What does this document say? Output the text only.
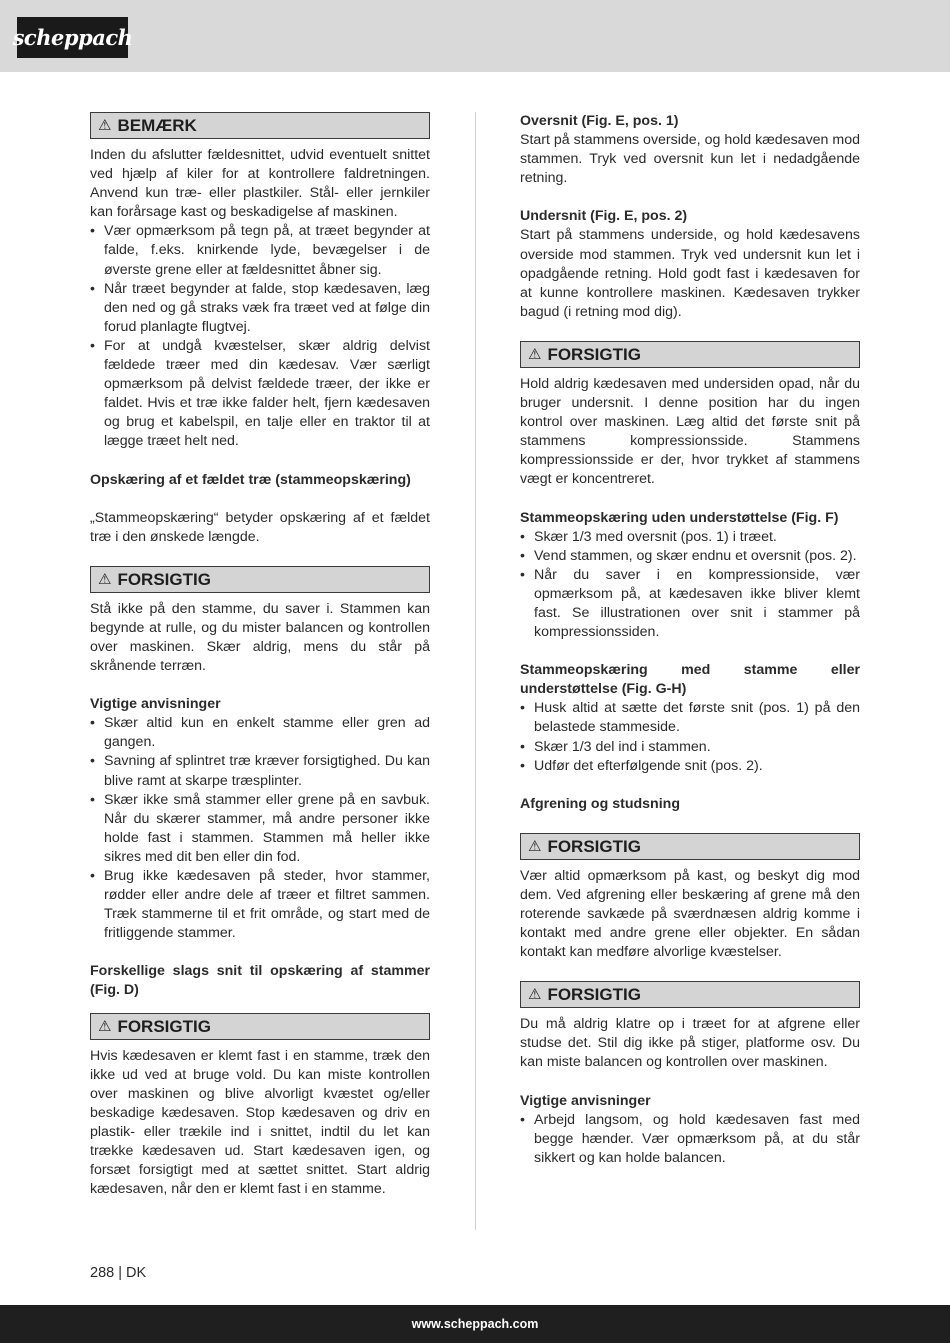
scheppach
⚠ BEMÆRK

Inden du afslutter fældesnittet, udvid eventuelt snittet ved hjælp af kiler for at kontrollere faldretningen. Anvend kun træ- eller plastkiler. Stål- eller jernkiler kan forårsage kast og beskadigelse af maskinen.

• Vær opmærksom på tegn på, at træet begynder at falde, f.eks. knirkende lyde, bevægelser i de øverste grene eller at fældesnittet åbner sig.
• Når træet begynder at falde, stop kædesaven, læg den ned og gå straks væk fra træet ved at følge din forud planlagte flugtvej.
• For at undgå kvæstelser, skær aldrig delvist fældede træer med din kædesav. Vær særligt opmærksom på delvist fældede træer, der ikke er faldet. Hvis et træ ikke falder helt, fjern kædesaven og brug et kabelspil, en talje eller en traktor til at lægge træet helt ned.

Opskæring af et fældet træ (stammeopskæring)

„Stammeopskæring“ betyder opskæring af et fældet træ i den ønskede længde.

⚠ FORSIGTIG

Stå ikke på den stamme, du saver i. Stammen kan begynde at rulle, og du mister balancen og kontrollen over maskinen. Skær aldrig, mens du står på skrånende terræn.

Vigtige anvisninger

• Skær altid kun en enkelt stamme eller gren ad gangen.
• Savning af splintret træ kræver forsigtighed. Du kan blive ramt at skarpe træsplinter.
• Skær ikke små stammer eller grene på en savbuk. Når du skærer stammer, må andre personer ikke holde fast i stammen. Stammen må heller ikke sikres med dit ben eller din fod.
• Brug ikke kædesaven på steder, hvor stammer, rødder eller andre dele af træer et filtret sammen. Træk stammerne til et frit område, og start med de fritliggende stammer.

Forskellige slags snit til opskæring af stammer (Fig. D)

⚠ FORSIGTIG

Hvis kædesaven er klemt fast i en stamme, træk den ikke ud ved at bruge vold. Du kan miste kontrollen over maskinen og blive alvorligt kvæstet og/eller beskadige kædesaven. Stop kædesaven og driv en plastik- eller trækile ind i snittet, indtil du let kan trække kædesaven ud. Start kædesaven igen, og forsæt forsigtigt med at sættet snittet. Start aldrig kædesaven, når den er klemt fast i en stamme.

Oversnit (Fig. E, pos. 1)

Start på stammens overside, og hold kædesaven mod stammen. Tryk ved oversnit kun let i nedadgående retning.

Undersnit (Fig. E, pos. 2)

Start på stammens underside, og hold kædesavens overside mod stammen. Tryk ved undersnit kun let i opadgående retning. Hold godt fast i kædesaven for at kunne kontrollere maskinen. Kædesaven trykker bagud (i retning mod dig).

⚠ FORSIGTIG

Hold aldrig kædesaven med undersiden opad, når du bruger undersnit. I denne position har du ingen kontrol over maskinen. Læg altid det første snit på stammens kompressionsside. Stammens kompressionsside er der, hvor trykket af stammens vægt er koncentreret.

Stammeopskæring uden understøttelse (Fig. F)

• Skær 1/3 med oversnit (pos. 1) i træet.
• Vend stammen, og skær endnu et oversnit (pos. 2).
• Når du saver i en kompressionside, vær opmærksom på, at kædesaven ikke bliver klemt fast. Se illustrationen over snit i stammer på kompressionssiden.

Stammeopskæring med stamme eller understøttelse (Fig. G-H)

• Husk altid at sætte det første snit (pos. 1) på den belastede stammeside.
• Skær 1/3 del ind i stammen.
• Udfør det efterfølgende snit (pos. 2).

Afgrening og studsning

⚠ FORSIGTIG

Vær altid opmærksom på kast, og beskyt dig mod dem. Ved afgrening eller beskæring af grene må den roterende savkæde på sværdnæsen aldrig komme i kontakt med andre grene eller objekter. En sådan kontakt kan medføre alvorlige kvæstelser.

⚠ FORSIGTIG

Du må aldrig klatre op i træet for at afgrene eller studse det. Stil dig ikke på stiger, platforme osv. Du kan miste balancen og kontrollen over maskinen.

Vigtige anvisninger

• Arbejd langsom, og hold kædesaven fast med begge hænder. Vær opmærksom på, at du står sikkert og kan holde balancen.
288 | DK
www.scheppach.com
